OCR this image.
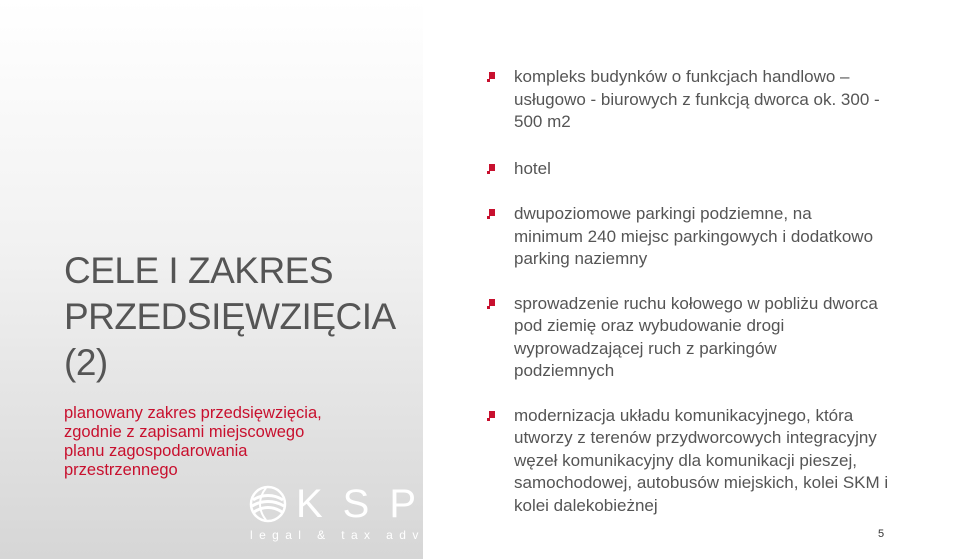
CELE I ZAKRES
PRZEDSIĘWZIĘCIA
(2)
planowany zakres przedsięwzięcia,
zgodnie z zapisami miejscowego
planu zagospodarowania
przestrzennego
KSP
legal & tax advice
kompleks budynków o funkcjach handlowo –
usługowo - biurowych z funkcją dworca ok. 300 -
500 m2
hotel
dwupoziomowe parkingi podziemne, na
minimum 240 miejsc parkingowych i dodatkowo
parking naziemny
sprowadzenie ruchu kołowego w pobliżu dworca
pod ziemię oraz wybudowanie drogi
wyprowadzającej ruch z parkingów
podziemnych
modernizacja układu komunikacyjnego, która
utworzy z terenów przydworcowych integracyjny
węzeł komunikacyjny dla komunikacji pieszej,
samochodowej, autobusów miejskich, kolei SKM i
kolei dalekobieżnej
5
